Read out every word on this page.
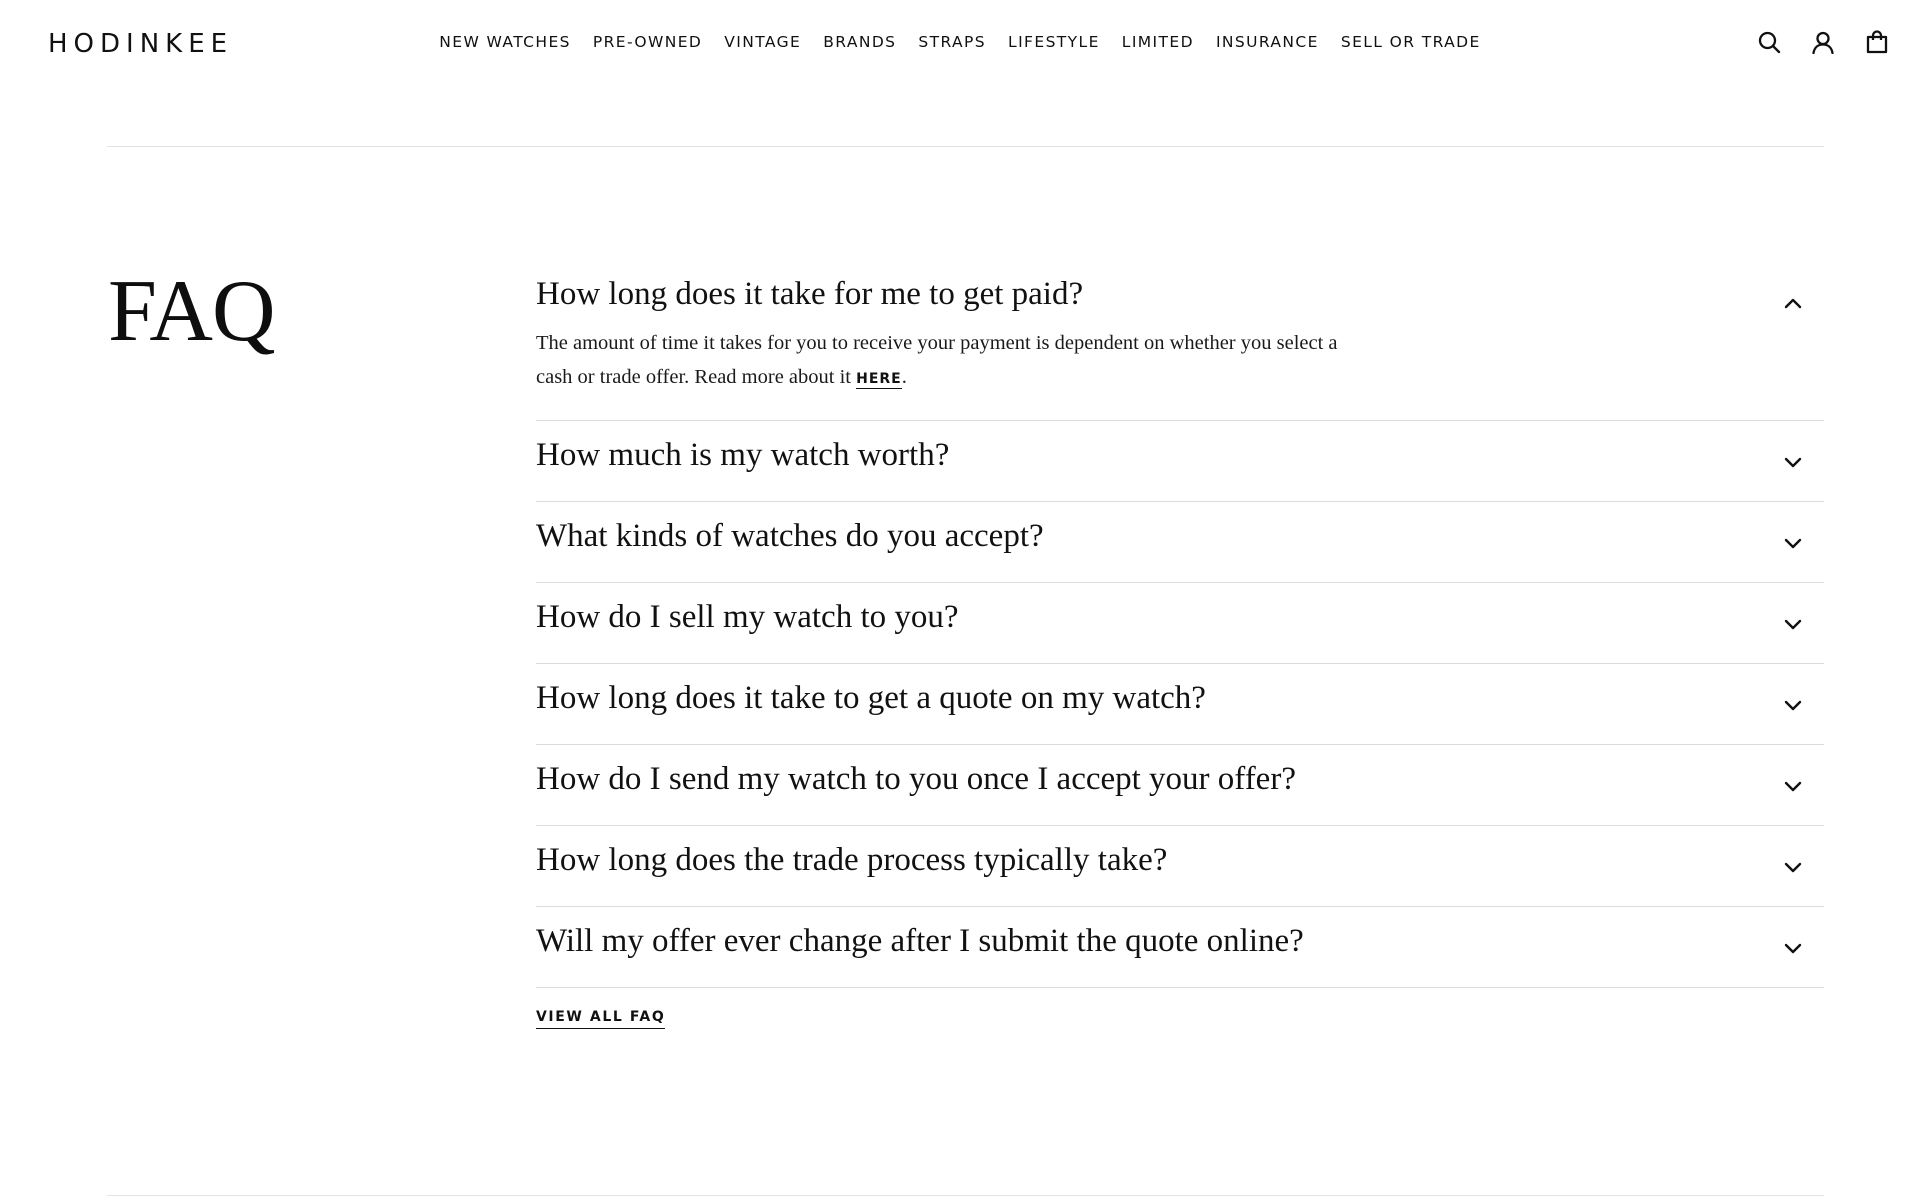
HODINKEE	NEW WATCHES PRE-OWNED VINTAGE BRANDS STRAPS LIFESTYLE LIMITED INSURANCE SELL OR TRADE
FAQ	How long does it take for me to get paid?
The amount of time it takes for you to receive your payment is dependent on whether you select a cash or trade offer. Read more about it HERE.
How much is my watch worth?
What kinds of watches do you accept?
How do I sell my watch to you?
How long does it take to get a quote on my watch?
How do I send my watch to you once I accept your offer?
How long does the trade process typically take?
Will my offer ever change after I submit the quote online?
VIEW ALL FAQ
